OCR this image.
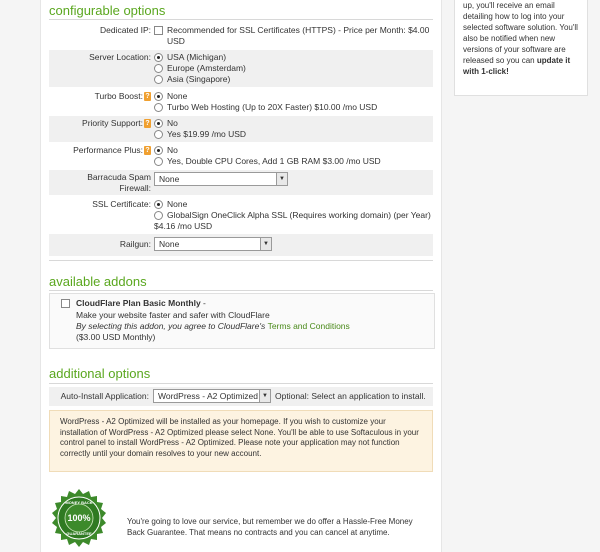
configurable options
Dedicated IP:	Recommended for SSL Certificates (HTTPS) - Price per Month: $4.00 USD
Server Location:	USA (Michigan)
Europe (Amsterdam)
Asia (Singapore)
Turbo Boost: ?	None
Turbo Web Hosting (Up to 20X Faster) $10.00 /mo USD
Priority Support: ?	No
Yes $19.99 /mo USD
Performance Plus: ?	No
Yes, Double CPU Cores, Add 1 GB RAM $3.00 /mo USD
Barracuda Spam
Firewall:
None	▼
SSL Certificate:	None
GlobalSign OneClick Alpha SSL (Requires working domain) (per Year)
$4.16 /mo USD
Railgun: None	▼
available addons
CloudFlare Plan Basic Monthly -
Make your website faster and safer with CloudFlare
By selecting this addon, you agree to CloudFlare's Terms and Conditions
($3.00 USD Monthly)
additional options
Auto-Install Application: WordPress - A2 Optimized ▼ Optional: Select an application to install.
WordPress - A2 Optimized will be installed as your homepage. If you wish to customize your installation of WordPress - A2 Optimized please select None. You'll be able to use Softaculous in your control panel to install WordPress - A2 Optimized. Please note your application may not function correctly until your domain resolves to your new account.
MONEY BACK
100%
GUARANTEE
You're going to love our service, but remember we do offer a Hassle-Free Money Back Guarantee. That means no contracts and you can cancel at anytime.
up, you'll receive an email detailing how to log into your selected software solution. You'll also be notified when new versions of your software are released so you can update it with 1-click!
